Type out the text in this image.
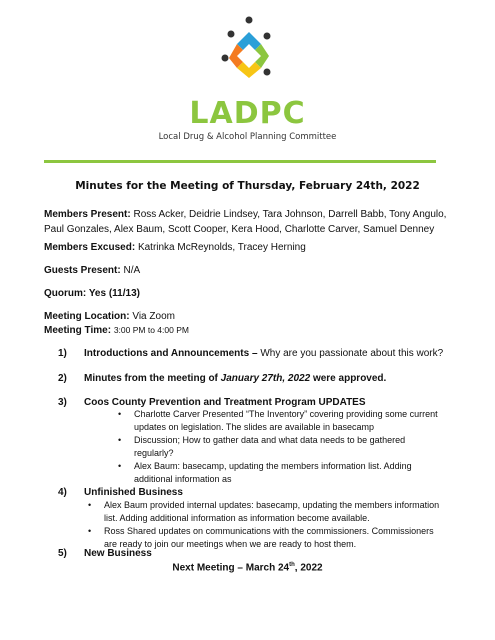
LADPC
Local Drug & Alcohol Planning Committee
Minutes for the Meeting of Thursday, February 24th, 2022
Members Present: Ross Acker, Deidrie Lindsey, Tara Johnson, Darrell Babb, Tony Angulo,
Paul Gonzales, Alex Baum, Scott Cooper, Kera Hood, Charlotte Carver, Samuel Denney
Members Excused: Katrinka McReynolds, Tracey Herning
Guests Present: N/A
Quorum: Yes (11/13)
Meeting Location: Via Zoom
Meeting Time: 3:00 PM to 4:00 PM
1) Introductions and Announcements – Why are you passionate about this work?
2) Minutes from the meeting of January 27th, 2022 were approved.
3) Coos County Prevention and Treatment Program UPDATES
• Charlotte Carver Presented “The Inventory” covering providing some current
updates on legislation. The slides are available in basecamp
• Discussion; How to gather data and what data needs to be gathered
regularly?
• Alex Baum: basecamp, updating the members information list. Adding
additional information as
4) Unfinished Business
• Alex Baum provided internal updates: basecamp, updating the members information
list. Adding additional information as information become available.
• Ross Shared updates on communications with the commissioners. Commissioners
are ready to join our meetings when we are ready to host them.
5) New Business
Next Meeting – March 24th, 2022
